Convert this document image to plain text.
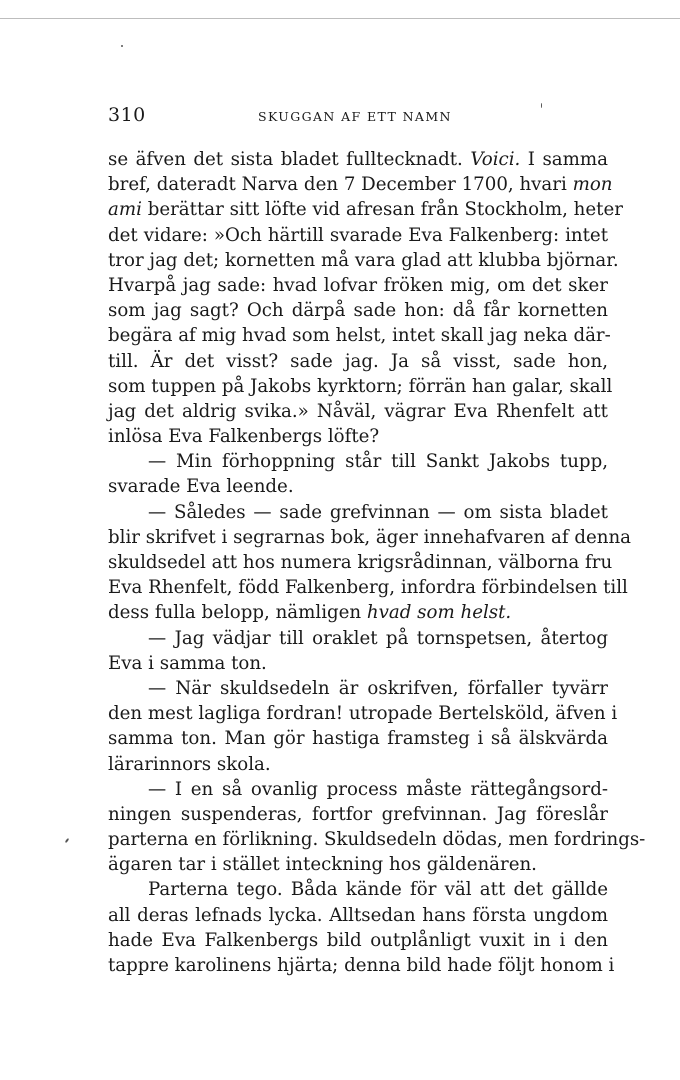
310	SKUGGAN AF ETT NAMN
se äfven det sista bladet fulltecknadt. Voici. I samma
bref, dateradt Narva den 7 December 1700, hvari mon
ami berättar sitt löfte vid afresan från Stockholm, heter
det vidare: »Och härtill svarade Eva Falkenberg: intet
tror jag det; kornetten må vara glad att klubba björnar.
Hvarpå jag sade: hvad lofvar fröken mig, om det sker
som jag sagt? Och därpå sade hon: då får kornetten
begära af mig hvad som helst, intet skall jag neka där-
till. Är det visst? sade jag. Ja så visst, sade hon,
som tuppen på Jakobs kyrktorn; förrän han galar, skall
jag det aldrig svika.» Nåväl, vägrar Eva Rhenfelt att
inlösa Eva Falkenbergs löfte?
— Min förhoppning står till Sankt Jakobs tupp,
svarade Eva leende.
— Således — sade grefvinnan — om sista bladet
blir skrifvet i segrarnas bok, äger innehafvaren af denna
skuldsedel att hos numera krigsrådinnan, välborna fru
Eva Rhenfelt, född Falkenberg, infordra förbindelsen till
dess fulla belopp, nämligen hvad som helst.
— Jag vädjar till oraklet på tornspetsen, återtog
Eva i samma ton.
— När skuldsedeln är oskrifven, förfaller tyvärr
den mest lagliga fordran! utropade Bertelsköld, äfven i
samma ton. Man gör hastiga framsteg i så älskvärda
lärarinnors skola.
— I en så ovanlig process måste rättegångsord-
ningen suspenderas, fortfor grefvinnan. Jag föreslår
parterna en förlikning. Skuldsedeln dödas, men fordrings-
ägaren tar i stället inteckning hos gäldenären.
Parterna tego. Båda kände för väl att det gällde
all deras lefnads lycka. Alltsedan hans första ungdom
hade Eva Falkenbergs bild outplånligt vuxit in i den
tappre karolinens hjärta; denna bild hade följt honom i
